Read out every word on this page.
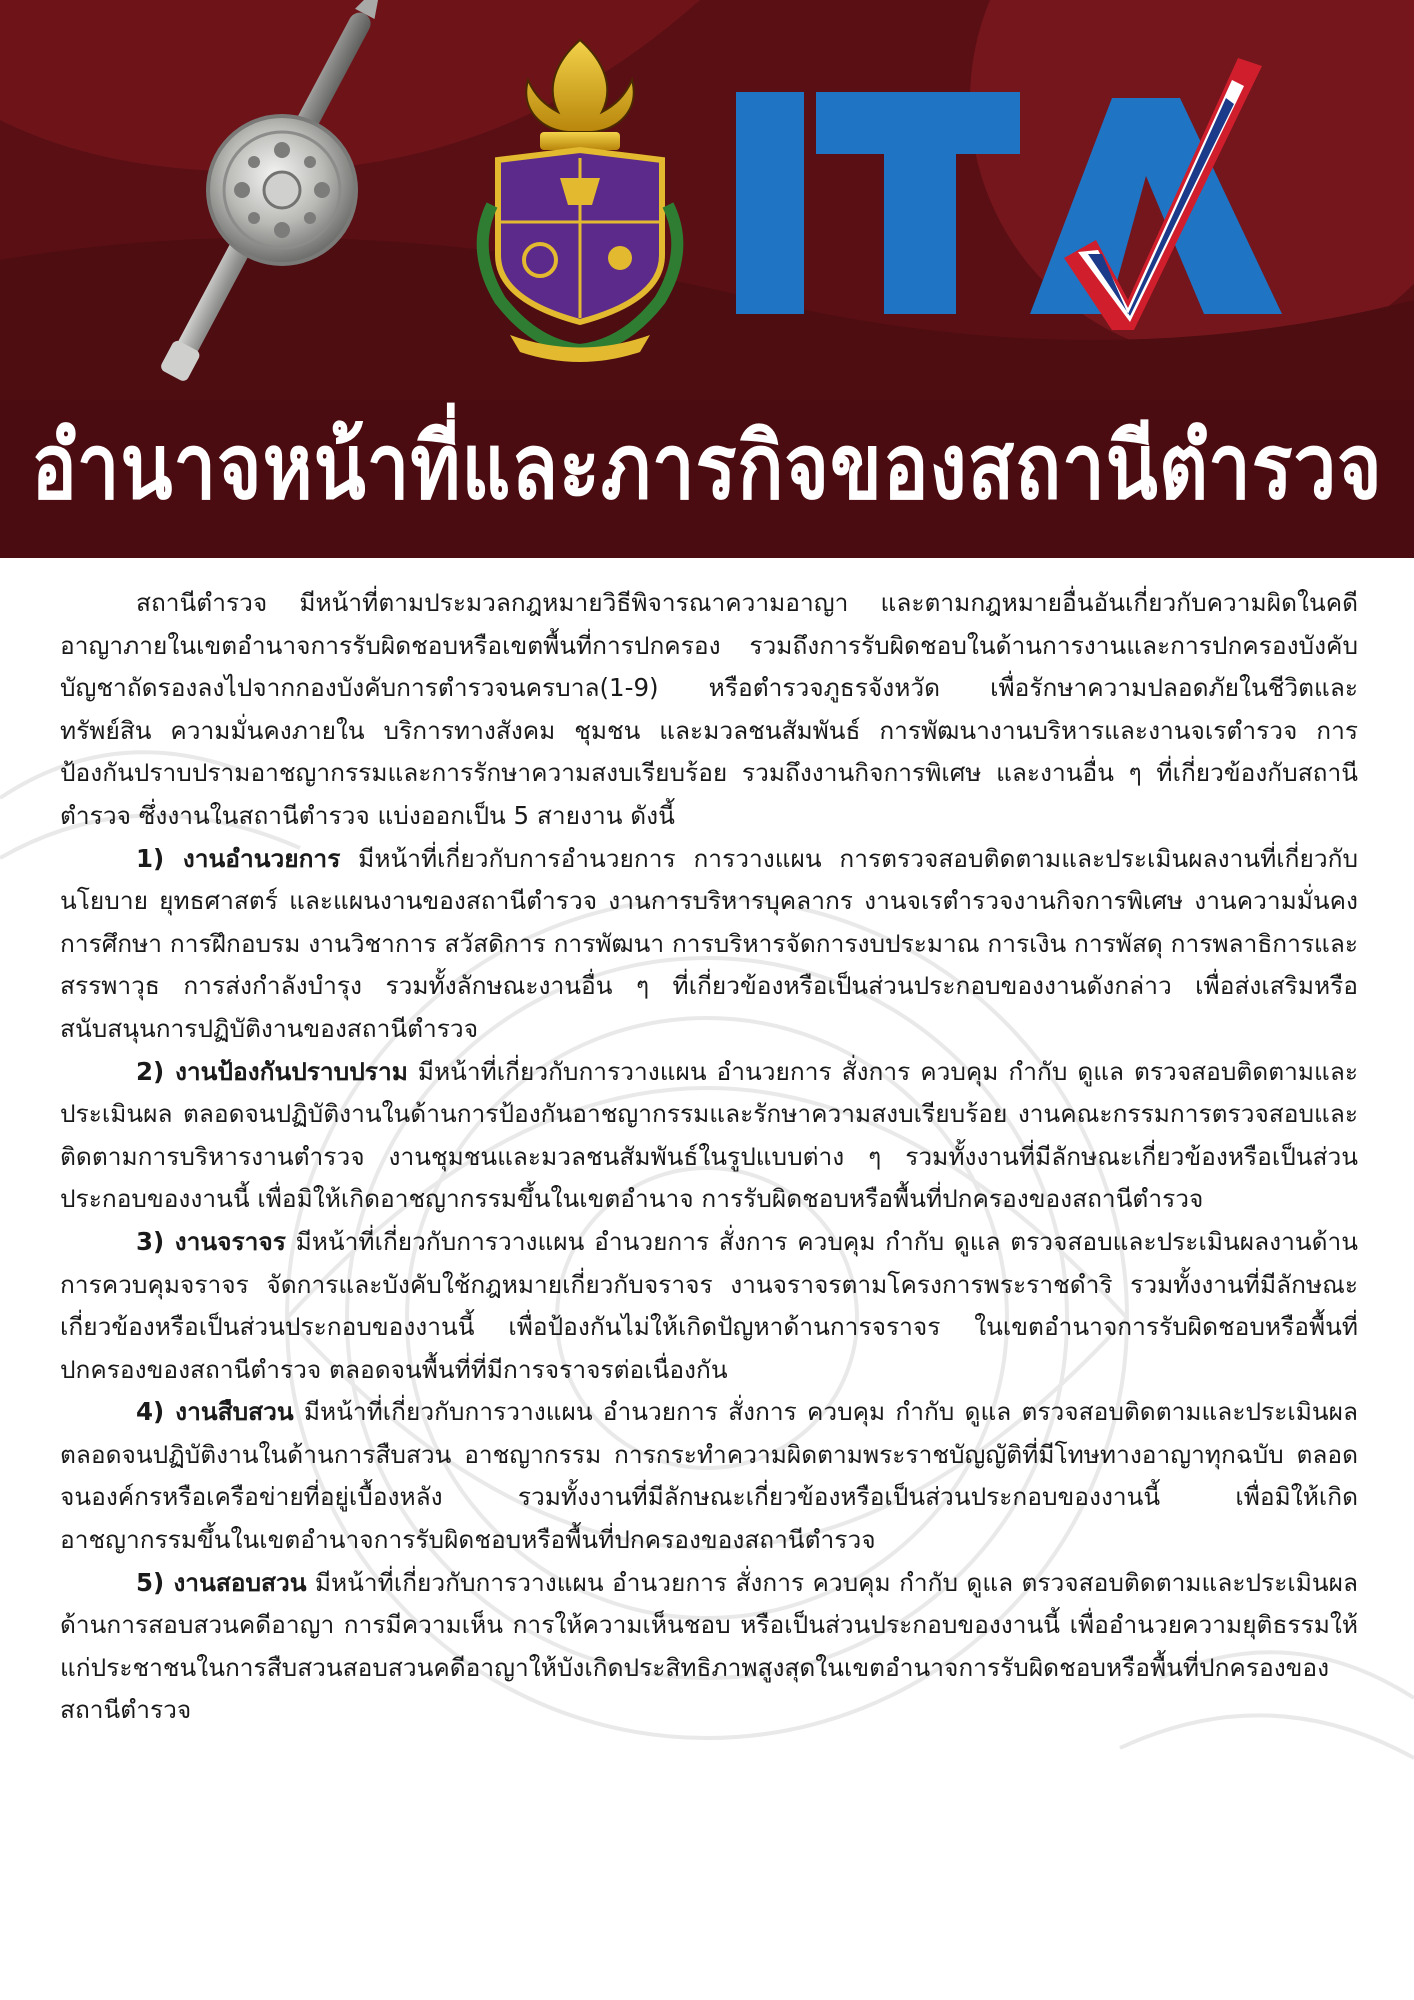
อำนาจหน้าที่และภารกิจของสถานีตำรวจ

สถานีตำรวจ มีหน้าที่ตามประมวลกฎหมายวิธีพิจารณาความอาญา และตามกฎหมายอื่นอันเกี่ยวกับความผิดในคดีอาญาภายในเขตอำนาจการรับผิดชอบหรือเขตพื้นที่การปกครอง รวมถึงการรับผิดชอบในด้านการงานและการปกครองบังคับบัญชาถัดรองลงไปจากกองบังคับการตำรวจนครบาล(1-9) หรือตำรวจภูธรจังหวัด เพื่อรักษาความปลอดภัยในชีวิตและทรัพย์สิน ความมั่นคงภายใน บริการทางสังคม ชุมชน และมวลชนสัมพันธ์ การพัฒนางานบริหารและงานจเรตำรวจ การป้องกันปราบปรามอาชญากรรมและการรักษาความสงบเรียบร้อย รวมถึงงานกิจการพิเศษ และงานอื่น ๆ ที่เกี่ยวข้องกับสถานีตำรวจ ซึ่งงานในสถานีตำรวจ แบ่งออกเป็น 5 สายงาน ดังนี้

1) งานอำนวยการ มีหน้าที่เกี่ยวกับการอำนวยการ การวางแผน การตรวจสอบติดตามและประเมินผลงานที่เกี่ยวกับนโยบาย ยุทธศาสตร์ และแผนงานของสถานีตำรวจ งานการบริหารบุคลากร งานจเรตำรวจงานกิจการพิเศษ งานความมั่นคง การศึกษา การฝึกอบรม งานวิชาการ สวัสดิการ การพัฒนา การบริหารจัดการงบประมาณ การเงิน การพัสดุ การพลาธิการและสรรพาวุธ การส่งกำลังบำรุง รวมทั้งลักษณะงานอื่น ๆ ที่เกี่ยวข้องหรือเป็นส่วนประกอบของงานดังกล่าว เพื่อส่งเสริมหรือสนับสนุนการปฏิบัติงานของสถานีตำรวจ

2) งานป้องกันปราบปราม มีหน้าที่เกี่ยวกับการวางแผน อำนวยการ สั่งการ ควบคุม กำกับ ดูแล ตรวจสอบติดตามและประเมินผล ตลอดจนปฏิบัติงานในด้านการป้องกันอาชญากรรมและรักษาความสงบเรียบร้อย งานคณะกรรมการตรวจสอบและติดตามการบริหารงานตำรวจ งานชุมชนและมวลชนสัมพันธ์ในรูปแบบต่าง ๆ รวมทั้งงานที่มีลักษณะเกี่ยวข้องหรือเป็นส่วนประกอบของงานนี้ เพื่อมิให้เกิดอาชญากรรมขึ้นในเขตอำนาจ การรับผิดชอบหรือพื้นที่ปกครองของสถานีตำรวจ

3) งานจราจร มีหน้าที่เกี่ยวกับการวางแผน อำนวยการ สั่งการ ควบคุม กำกับ ดูแล ตรวจสอบและประเมินผลงานด้านการควบคุมจราจร จัดการและบังคับใช้กฎหมายเกี่ยวกับจราจร งานจราจรตามโครงการพระราชดำริ รวมทั้งงานที่มีลักษณะเกี่ยวข้องหรือเป็นส่วนประกอบของงานนี้ เพื่อป้องกันไม่ให้เกิดปัญหาด้านการจราจร ในเขตอำนาจการรับผิดชอบหรือพื้นที่ปกครองของสถานีตำรวจ ตลอดจนพื้นที่ที่มีการจราจรต่อเนื่องกัน

4) งานสืบสวน มีหน้าที่เกี่ยวกับการวางแผน อำนวยการ สั่งการ ควบคุม กำกับ ดูแล ตรวจสอบติดตามและประเมินผล ตลอดจนปฏิบัติงานในด้านการสืบสวน อาชญากรรม การกระทำความผิดตามพระราชบัญญัติที่มีโทษทางอาญาทุกฉบับ ตลอดจนองค์กรหรือเครือข่ายที่อยู่เบื้องหลัง รวมทั้งงานที่มีลักษณะเกี่ยวข้องหรือเป็นส่วนประกอบของงานนี้ เพื่อมิให้เกิดอาชญากรรมขึ้นในเขตอำนาจการรับผิดชอบหรือพื้นที่ปกครองของสถานีตำรวจ

5) งานสอบสวน มีหน้าที่เกี่ยวกับการวางแผน อำนวยการ สั่งการ ควบคุม กำกับ ดูแล ตรวจสอบติดตามและประเมินผลด้านการสอบสวนคดีอาญา การมีความเห็น การให้ความเห็นชอบ หรือเป็นส่วนประกอบของงานนี้ เพื่ออำนวยความยุติธรรมให้แก่ประชาชนในการสืบสวนสอบสวนคดีอาญาให้บังเกิดประสิทธิภาพสูงสุดในเขตอำนาจการรับผิดชอบหรือพื้นที่ปกครองของสถานีตำรวจ
